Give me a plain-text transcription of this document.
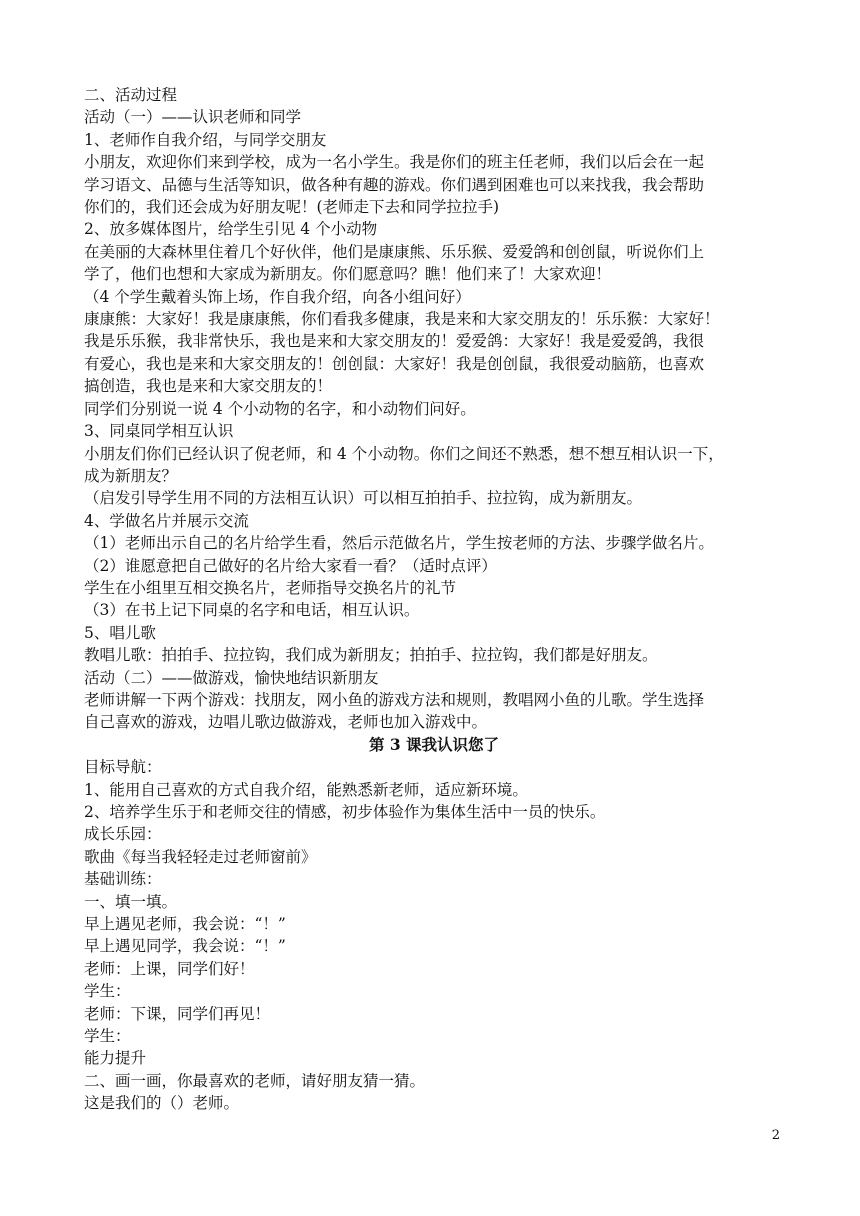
二、活动过程
活动（一）——认识老师和同学
1、老师作自我介绍，与同学交朋友
小朋友，欢迎你们来到学校，成为一名小学生。我是你们的班主任老师，我们以后会在一起
学习语文、品德与生活等知识，做各种有趣的游戏。你们遇到困难也可以来找我，我会帮助
你们的，我们还会成为好朋友呢！(老师走下去和同学拉拉手)
2、放多媒体图片，给学生引见 4 个小动物
在美丽的大森林里住着几个好伙伴，他们是康康熊、乐乐猴、爱爱鸽和创创鼠，听说你们上
学了，他们也想和大家成为新朋友。你们愿意吗？瞧！他们来了！大家欢迎！
（4 个学生戴着头饰上场，作自我介绍，向各小组问好）
康康熊：大家好！我是康康熊，你们看我多健康，我是来和大家交朋友的！乐乐猴：大家好！
我是乐乐猴，我非常快乐，我也是来和大家交朋友的！爱爱鸽：大家好！我是爱爱鸽，我很
有爱心，我也是来和大家交朋友的！创创鼠：大家好！我是创创鼠，我很爱动脑筋，也喜欢
搞创造，我也是来和大家交朋友的！
同学们分别说一说 4 个小动物的名字，和小动物们问好。
3、同桌同学相互认识
小朋友们你们已经认识了倪老师，和 4 个小动物。你们之间还不熟悉，想不想互相认识一下，
成为新朋友？
（启发引导学生用不同的方法相互认识）可以相互拍拍手、拉拉钩，成为新朋友。
4、学做名片并展示交流
（1）老师出示自己的名片给学生看，然后示范做名片，学生按老师的方法、步骤学做名片。
（2）谁愿意把自己做好的名片给大家看一看？（适时点评）
学生在小组里互相交换名片，老师指导交换名片的礼节
（3）在书上记下同桌的名字和电话，相互认识。
5、唱儿歌
教唱儿歌：拍拍手、拉拉钩，我们成为新朋友；拍拍手、拉拉钩，我们都是好朋友。
活动（二）——做游戏，愉快地结识新朋友
老师讲解一下两个游戏：找朋友，网小鱼的游戏方法和规则，教唱网小鱼的儿歌。学生选择
自己喜欢的游戏，边唱儿歌边做游戏，老师也加入游戏中。
第 3 课我认识您了
目标导航：
1、能用自己喜欢的方式自我介绍，能熟悉新老师，适应新环境。
2、培养学生乐于和老师交往的情感，初步体验作为集体生活中一员的快乐。
成长乐园：
歌曲《每当我轻轻走过老师窗前》
基础训练：
一、填一填。
早上遇见老师，我会说：“！”
早上遇见同学，我会说：“！”
老师：上课，同学们好！
学生：
老师：下课，同学们再见！
学生：
能力提升
二、画一画，你最喜欢的老师，请好朋友猜一猜。
这是我们的（）老师。
2
